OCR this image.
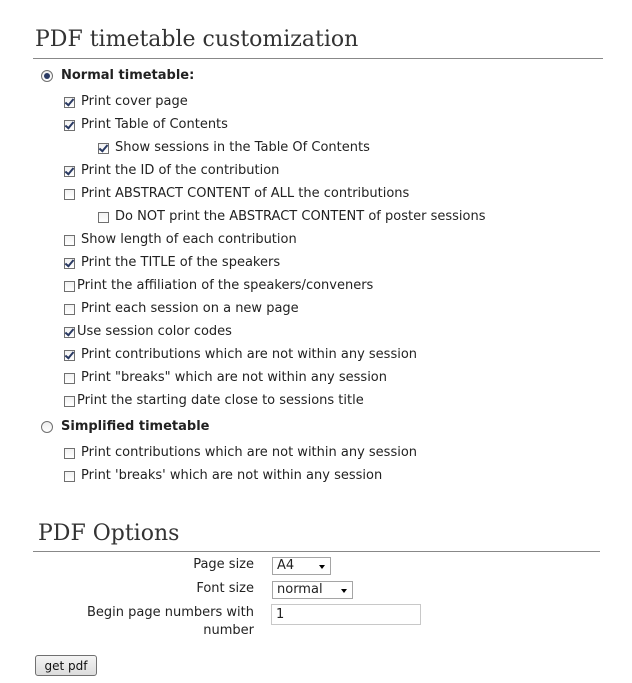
PDF timetable customization
Normal timetable:
Print cover page
Print Table of Contents
Show sessions in the Table Of Contents
Print the ID of the contribution
Print ABSTRACT CONTENT of ALL the contributions
Do NOT print the ABSTRACT CONTENT of poster sessions
Show length of each contribution
Print the TITLE of the speakers
Print the affiliation of the speakers/conveners
Print each session on a new page
Use session color codes
Print contributions which are not within any session
Print "breaks" which are not within any session
Print the starting date close to sessions title
Simplified timetable
Print contributions which are not within any session
Print 'breaks' which are not within any session
PDF Options
Page size	A4
Font size	normal
Begin page numbers with number
1
get pdf
